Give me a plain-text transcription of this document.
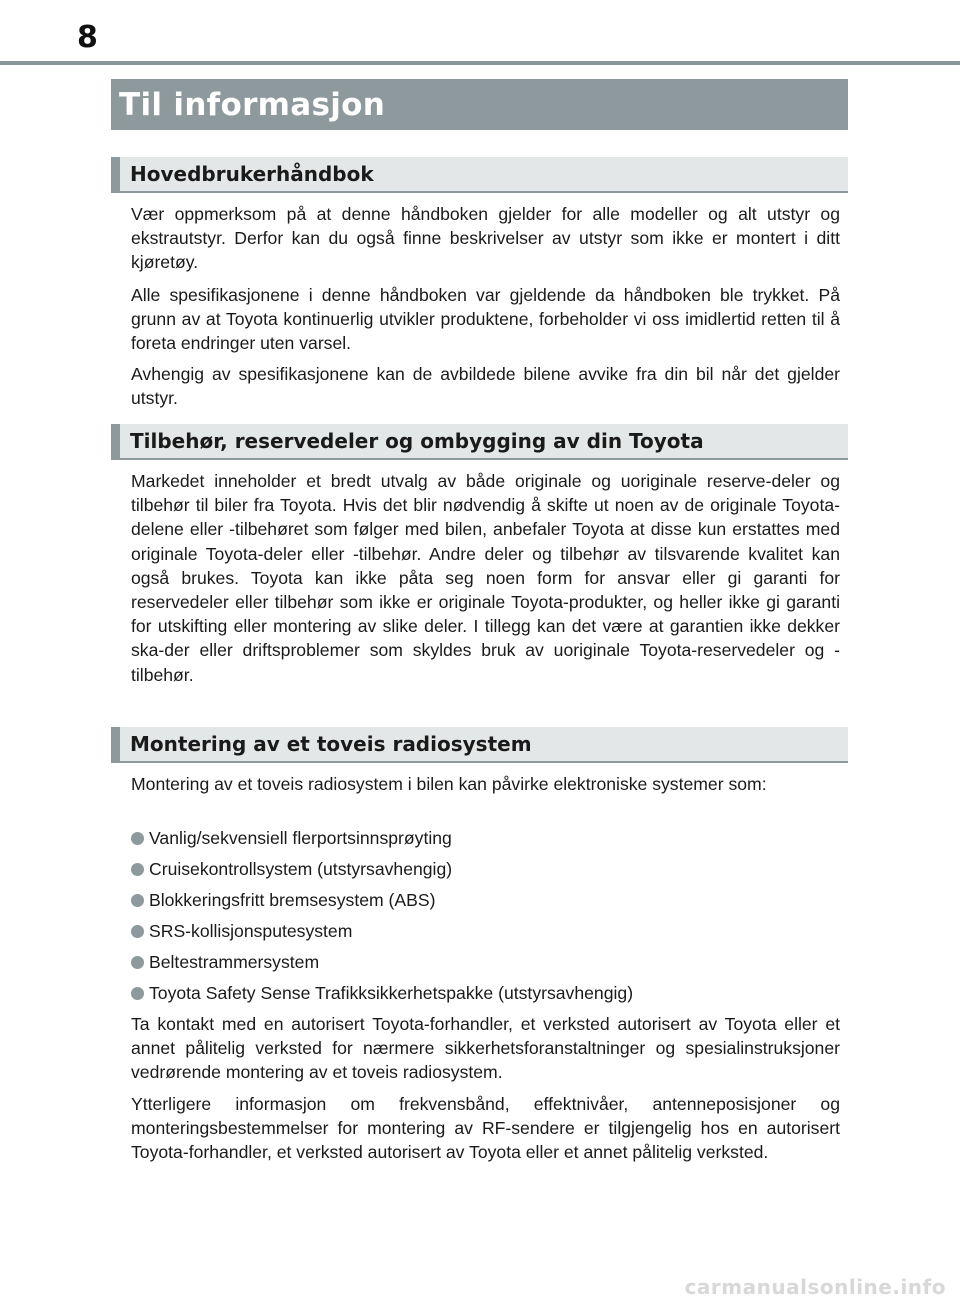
8
Til informasjon
Hovedbrukerhåndbok

Vær oppmerksom på at denne håndboken gjelder for alle modeller og alt utstyr og ekstrautstyr. Derfor kan du også finne beskrivelser av utstyr som ikke er montert i ditt kjøretøy.

Alle spesifikasjonene i denne håndboken var gjeldende da håndboken ble trykket. På grunn av at Toyota kontinuerlig utvikler produktene, forbeholder vi oss imidlertid retten til å foreta endringer uten varsel.

Avhengig av spesifikasjonene kan de avbildede bilene avvike fra din bil når det gjelder utstyr.

Tilbehør, reservedeler og ombygging av din Toyota

Markedet inneholder et bredt utvalg av både originale og uoriginale reserve-deler og tilbehør til biler fra Toyota. Hvis det blir nødvendig å skifte ut noen av de originale Toyota-delene eller -tilbehøret som følger med bilen, anbefaler Toyota at disse kun erstattes med originale Toyota-deler eller -tilbehør. Andre deler og tilbehør av tilsvarende kvalitet kan også brukes. Toyota kan ikke påta seg noen form for ansvar eller gi garanti for reservedeler eller tilbehør som ikke er originale Toyota-produkter, og heller ikke gi garanti for utskifting eller montering av slike deler. I tillegg kan det være at garantien ikke dekker ska-der eller driftsproblemer som skyldes bruk av uoriginale Toyota-reservedeler og -tilbehør.

Montering av et toveis radiosystem

Montering av et toveis radiosystem i bilen kan påvirke elektroniske systemer som:

Vanlig/sekvensiell flerportsinnsprøyting
Cruisekontrollsystem (utstyrsavhengig)
Blokkeringsfritt bremsesystem (ABS)
SRS-kollisjonsputesystem
Beltestrammersystem
Toyota Safety Sense Trafikksikkerhetspakke (utstyrsavhengig)

Ta kontakt med en autorisert Toyota-forhandler, et verksted autorisert av Toyota eller et annet pålitelig verksted for nærmere sikkerhetsforanstaltninger og spesialinstruksjoner vedrørende montering av et toveis radiosystem.

Ytterligere informasjon om frekvensbånd, effektnivåer, antenneposisjoner og monteringsbestemmelser for montering av RF-sendere er tilgjengelig hos en autorisert Toyota-forhandler, et verksted autorisert av Toyota eller et annet pålitelig verksted.

carmanualsonline.info
